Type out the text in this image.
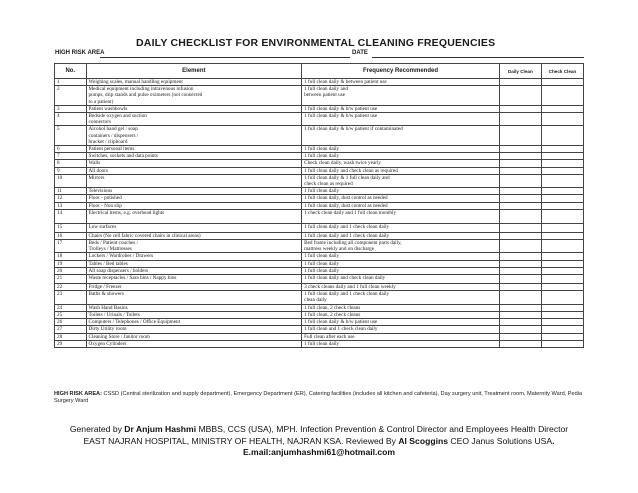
DAILY CHECKLIST FOR ENVIRONMENTAL CLEANING FREQUENCIES
HIGH RISK AREA	DATE
No.	Element	Frequency Recommended	Daily Clean	Check Clean
1	Weighing scales, manual handling equipment	1 full clean daily & between patient use		
2	Medical equipment including intravenous infusion
pumps, drip stands and pulse oximeters (not connected
to a patient)	1 full clean daily and
between patient use		
3	Patient washbowls	1 full clean daily & b/w patient use		
4	Bedside oxygen and suction
connectors	1 full clean daily & b/w patient use		
5	Alcohol hand gel / soap
containers / dispensers /
bracket / clipboard	1 full clean daily & b/w patient if contaminated		
6	Patient personal items	1 full clean daily		
7	Switches, sockets and data points	1 full clean daily		
8	Walls	Check clean daily, wash twice yearly		
9	All doors	1 full clean daily and check clean as required		
10	Mirrors	1 full clean daily & 1 full clean daily and
check clean as required		
11	Televisions	1 full clean daily		
12	Floor - polished	1 full clean daily, dust control as needed		
13	Floor - Non slip	1 full clean daily, dust control as needed		
14	Electrical items, e.g. overhead lights	1 check clean daily and 1 full clean monthly		
15	Low surfaces	1 full clean daily and 1 check clean daily		
16	Chairs (No cell fabric covered chairs in clinical areas)	1 full clean daily and 1 check clean daily		
17	Beds / Patient couches /
Trolleys / Mattresses	Bed frame including all component parts daily,
mattress weekly and on discharge		
18	Lockers / Wardrobes / Drawers	1 full clean daily		
19	Tables / Bed tables	1 full clean daily		
20	All soap dispensers / holders	1 full clean daily		
21	Waste receptacles / Sara bins / Nappy bins	1 full clean daily and check clean daily		
22	Fridge / Freezer	3 check cleans daily and 1 full clean weekly		
23	Baths & showers	1 full clean daily and 1 check clean daily
clean daily		
24	Wash Hand Basins	1 full clean, 2 check cleans		
25	Toilets / Urinals / Toilets	1 full clean, 2 check cleans		
26	Computers / Telephones / Office Equipment	1 full clean daily & b/w patient use		
27	Dirty Utility room	1 full clean and 1 check clean daily		
28	Cleaning Store / Janitor room	Full clean after each use		
29	Oxygen Cylinders	1 full clean daily		
HIGH RISK AREA: CSSD (Central sterilization and supply department), Emergency Department (ER), Catering facilities (includes all kitchen and cafeteria), Day surgery unit, Treatment room, Maternity Ward, Pedia Surgery Ward
Generated by Dr Anjum Hashmi MBBS, CCS (USA), MPH. Infection Prevention & Control Director and Employees Health Director
EAST NAJRAN HOSPITAL, MINISTRY OF HEALTH, NAJRAN KSA. Reviewed By Al Scoggins CEO Janus Solutions USA.
E.mail:anjumhashmi61@hotmail.com
